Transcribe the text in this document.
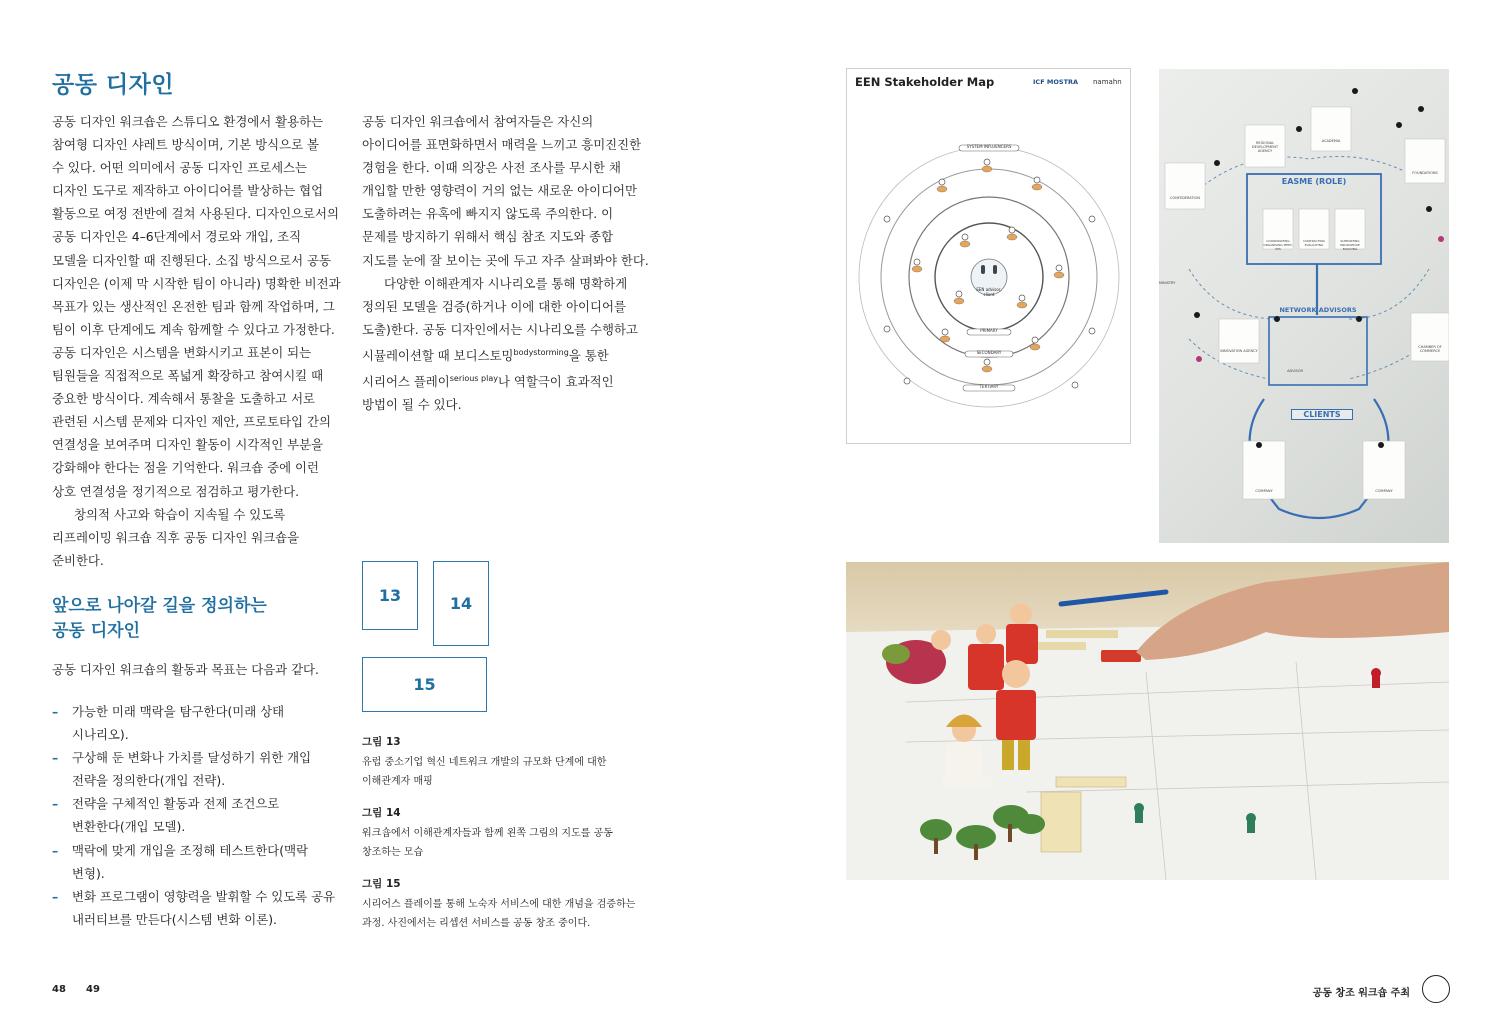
공동 디자인

공동 디자인 워크숍은 스튜디오 환경에서 활용하는
참여형 디자인 샤레트 방식이며, 기본 방식으로 볼
수 있다. 어떤 의미에서 공동 디자인 프로세스는
디자인 도구로 제작하고 아이디어를 발상하는 협업
활동으로 여정 전반에 걸쳐 사용된다. 디자인으로서의
공동 디자인은 4–6단계에서 경로와 개입, 조직
모델을 디자인할 때 진행된다. 소집 방식으로서 공동
디자인은 (이제 막 시작한 팀이 아니라) 명확한 비전과
목표가 있는 생산적인 온전한 팀과 함께 작업하며, 그
팀이 이후 단계에도 계속 함께할 수 있다고 가정한다.
공동 디자인은 시스템을 변화시키고 표본이 되는
팀원들을 직접적으로 폭넓게 확장하고 참여시킬 때
중요한 방식이다. 계속해서 통찰을 도출하고 서로
관련된 시스템 문제와 디자인 제안, 프로토타입 간의
연결성을 보여주며 디자인 활동이 시각적인 부분을
강화해야 한다는 점을 기억한다. 워크숍 중에 이런
상호 연결성을 정기적으로 점검하고 평가한다.

창의적 사고와 학습이 지속될 수 있도록
리프레이밍 워크숍 직후 공동 디자인 워크숍을
준비한다.

공동 디자인 워크숍에서 참여자들은 자신의
아이디어를 표면화하면서 매력을 느끼고 흥미진진한
경험을 한다. 이때 의장은 사전 조사를 무시한 채
개입할 만한 영향력이 거의 없는 새로운 아이디어만
도출하려는 유혹에 빠지지 않도록 주의한다. 이
문제를 방지하기 위해서 핵심 참조 지도와 종합
지도를 눈에 잘 보이는 곳에 두고 자주 살펴봐야 한다.

다양한 이해관계자 시나리오를 통해 명확하게
정의된 모델을 검증(하거나 이에 대한 아이디어를
도출)한다. 공동 디자인에서는 시나리오를 수행하고
시뮬레이션할 때 보디스토밍$^{bodystorming}$을 통한
시리어스 플레이$^{serious play}$나 역할극이 효과적인
방법이 될 수 있다.

앞으로 나아갈 길을 정의하는
공동 디자인
공동 디자인 워크숍의 활동과 목표는 다음과 같다.
– 가능한 미래 맥락을 탐구한다(미래 상태
시나리오).
– 구상해 둔 변화나 가치를 달성하기 위한 개입
전략을 정의한다(개입 전략).
– 전략을 구체적인 활동과 전제 조건으로
변환한다(개입 모델).
– 맥락에 맞게 개입을 조정해 테스트한다(맥락
변형).
– 변화 프로그램이 영향력을 발휘할 수 있도록 공유
내러티브를 만든다(시스템 변화 이론).
13	14
15

그림 13

유럽 중소기업 혁신 네트워크 개발의 규모화 단계에 대한
이해관계자 매핑

그림 14

워크숍에서 이해관계자들과 함께 왼쪽 그림의 지도를 공동
창조하는 모습

그림 15

시리어스 플레이를 통해 노숙자 서비스에 대한 개념을 검증하는
과정. 사진에서는 리셉션 서비스를 공동 창조 중이다.

EEN Stakeholder Map	ICF MOSTRA namahn
EEN advisor, client
PRIMARY
SECONDARY
TERTIARY
SYSTEM INFLUENCERS
EASME (ROLE)
NETWORK ADVISORS
CLIENTS
REGIONAL DEVELOPMENT AGENCY
ACADEMIA
CONFEDERATION
INNOVATION AGENCY
CHAMBER OF COMMERCE
MINISTRY
FOUNDATIONS
COMPANY	COMPANY
ADVISOR
COORDINATING ORGANISING MEET-UPS
CONTRACTING EVALUATING
SUPPORTING KNOWLEDGE BUILDING
48 49	공동 창조 워크숍 주최
